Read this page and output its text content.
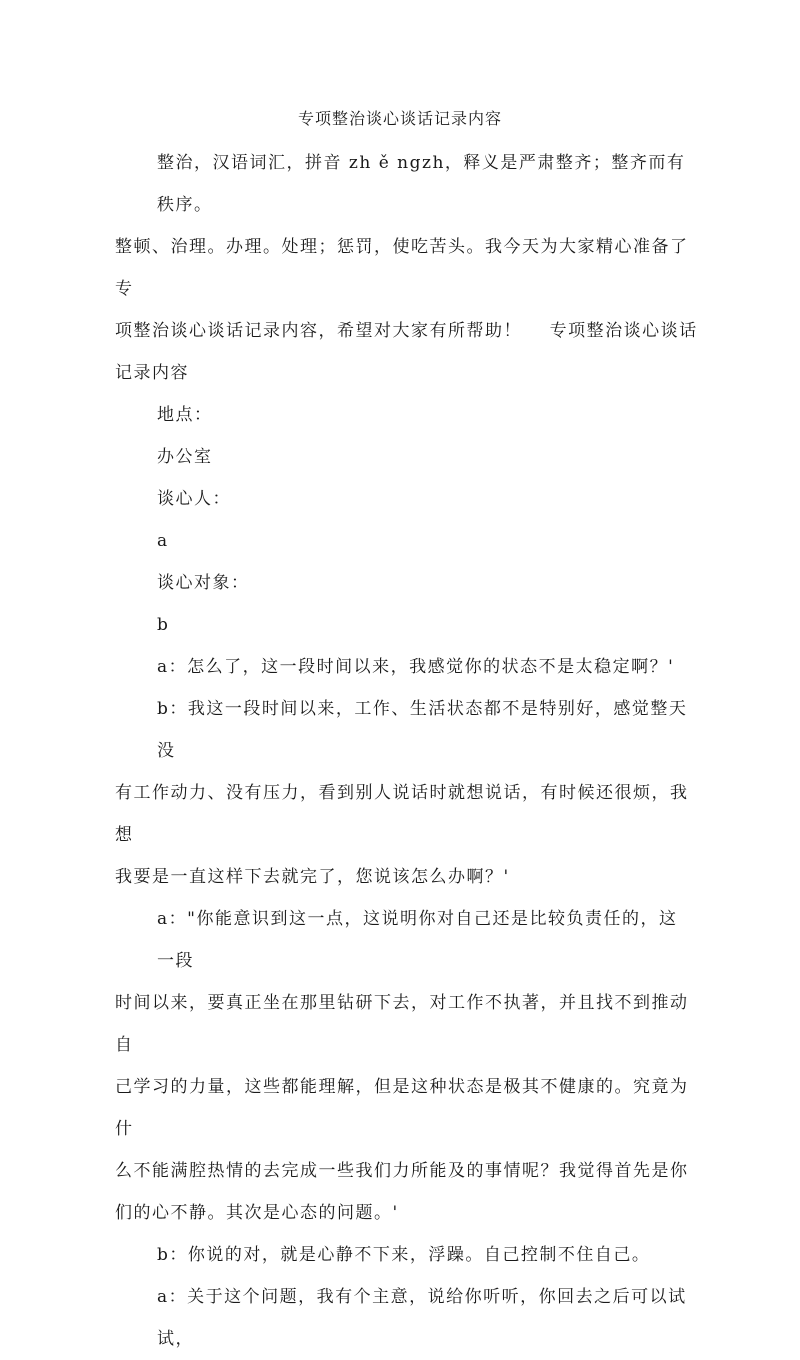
专项整治谈心谈话记录内容
整治，汉语词汇，拼音 zh ě ngzh，释义是严肃整齐；整齐而有秩序。
整顿、治理。办理。处理；惩罚，使吃苦头。我今天为大家精心准备了专
项整治谈心谈话记录内容，希望对大家有所帮助！    专项整治谈心谈话
记录内容
地点：
办公室
谈心人：
a
谈心对象：
b
a：怎么了，这一段时间以来，我感觉你的状态不是太稳定啊？'
b：我这一段时间以来，工作、生活状态都不是特别好，感觉整天没
有工作动力、没有压力，看到别人说话时就想说话，有时候还很烦，我想
我要是一直这样下去就完了，您说该怎么办啊？'
a："你能意识到这一点，这说明你对自己还是比较负责任的，这一段
时间以来，要真正坐在那里钻研下去，对工作不执著，并且找不到推动自
己学习的力量，这些都能理解，但是这种状态是极其不健康的。究竟为什
么不能满腔热情的去完成一些我们力所能及的事情呢？我觉得首先是你
们的心不静。其次是心态的问题。'
b：你说的对，就是心静不下来，浮躁。自己控制不住自己。
a：关于这个问题，我有个主意，说给你听听，你回去之后可以试试，
